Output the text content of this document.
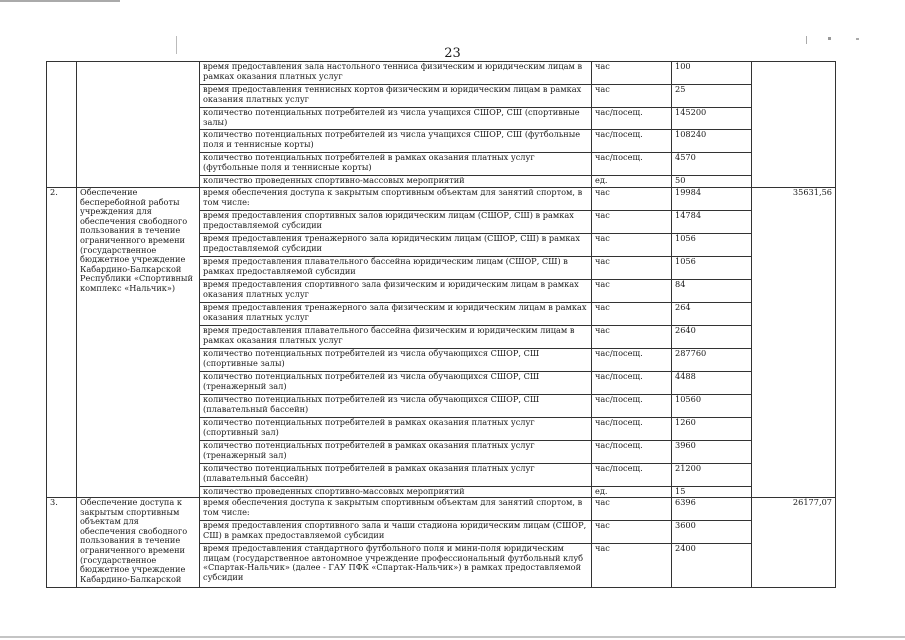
23
		время предоставления зала настольного тенниса физическим и юридическим лицам в рамках оказания платных услуг	час	100	
		время предоставления теннисных кортов физическим и юридическим лицам в рамках оказания платных услуг	час	25	
		количество потенциальных потребителей из числа учащихся СШОР, СШ (спортивные залы)	час/посещ.	145200	
		количество потенциальных потребителей из числа учащихся СШОР, СШ (футбольные поля и теннисные корты)	час/посещ.	108240	
		количество потенциальных потребителей в рамках оказания платных услуг (футбольные поля и теннисные корты)	час/посещ.	4570	
		количество проведенных спортивно-массовых мероприятий	ед.	50	
2.	Обеспечение бесперебойной работы учреждения для обеспечения свободного пользования в течение ограниченного времени (государственное бюджетное учреждение Кабардино-Балкарской Республики «Спортивный комплекс «Нальчик»)	время обеспечения доступа к закрытым спортивным объектам для занятий спортом, в том числе:	час	19984	35631,56
		время предоставления спортивных залов юридическим лицам (СШОР, СШ) в рамках предоставляемой субсидии	час	14784	
		время предоставления тренажерного зала юридическим лицам (СШОР, СШ) в рамках предоставляемой субсидии	час	1056	
		время предоставления плавательного бассейна юридическим лицам (СШОР, СШ) в рамках предоставляемой субсидии	час	1056	
		время предоставления спортивного зала физическим и юридическим лицам в рамках оказания платных услуг	час	84	
		время предоставления тренажерного зала физическим и юридическим лицам в рамках оказания платных услуг	час	264	
		время предоставления плавательного бассейна физическим и юридическим лицам в рамках оказания платных услуг	час	2640	
		количество потенциальных потребителей из числа обучающихся СШОР, СШ (спортивные залы)	час/посещ.	287760	
		количество потенциальных потребителей из числа обучающихся СШОР, СШ (тренажерный зал)	час/посещ.	4488	
		количество потенциальных потребителей из числа обучающихся СШОР, СШ (плавательный бассейн)	час/посещ.	10560	
		количество потенциальных потребителей в рамках оказания платных услуг (спортивный зал)	час/посещ.	1260	
		количество потенциальных потребителей в рамках оказания платных услуг (тренажерный зал)	час/посещ.	3960	
		количество потенциальных потребителей в рамках оказания платных услуг (плавательный бассейн)	час/посещ.	21200	
		количество проведенных спортивно-массовых мероприятий	ед.	15	
3.	Обеспечение доступа к закрытым спортивным объектам для обеспечения свободного пользования в течение ограниченного времени (государственное бюджетное учреждение Кабардино-Балкарской	время обеспечения доступа к закрытым спортивным объектам для занятий спортом, в том числе:	час	6396	26177,07
		время предоставления спортивного зала и чаши стадиона юридическим лицам (СШОР, СШ) в рамках предоставляемой субсидии	час	3600	
		время предоставления стандартного футбольного поля и мини-поля юридическим лицам (государственное автономное учреждение профессиональный футбольный клуб «Спартак-Нальчик» (далее - ГАУ ПФК «Спартак-Нальчик») в рамках предоставляемой субсидии	час	2400	
